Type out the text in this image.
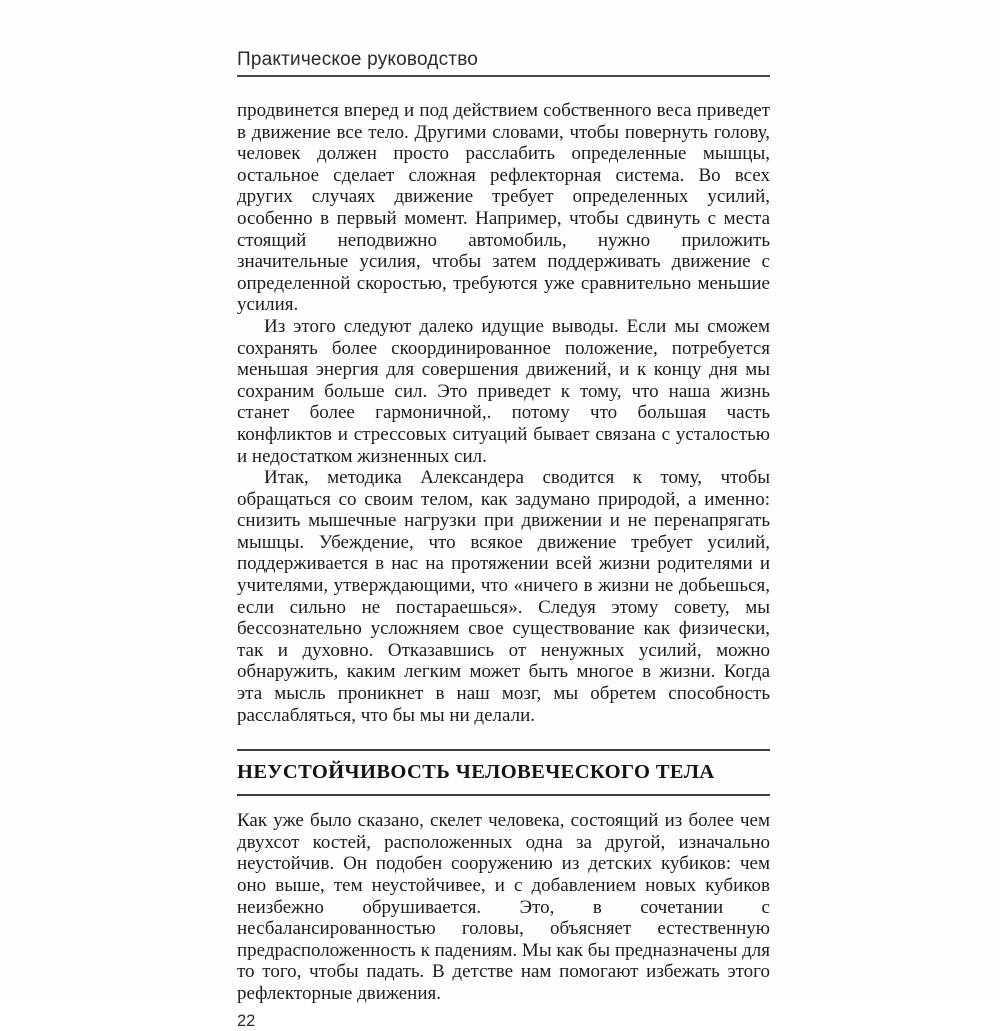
Практическое руководство

продвинется вперед и под действием собственного веса приведет в движение все тело. Другими словами, чтобы повернуть голову, человек должен просто расслабить определенные мышцы, остальное сделает сложная рефлекторная система. Во всех других случаях движение требует определенных усилий, особенно в первый момент. Например, чтобы сдвинуть с места стоящий неподвижно автомобиль, нужно приложить значительные усилия, чтобы затем поддерживать движение с определенной скоростью, требуются уже сравнительно меньшие усилия.

Из этого следуют далеко идущие выводы. Если мы сможем сохранять более скоординированное положение, потребуется меньшая энергия для совершения движений, и к концу дня мы сохраним больше сил. Это приведет к тому, что наша жизнь станет более гармоничной,. потому что большая часть конфликтов и стрессовых ситуаций бывает связана с усталостью и недостатком жизненных сил.

Итак, методика Александера сводится к тому, чтобы обращаться со своим телом, как задумано природой, а именно: снизить мышечные нагрузки при движении и не перенапрягать мышцы. Убеждение, что всякое движение требует усилий, поддерживается в нас на протяжении всей жизни родителями и учителями, утверждающими, что «ничего в жизни не добьешься, если сильно не постараешься». Следуя этому совету, мы бессознательно усложняем свое существование как физически, так и духовно. Отказавшись от ненужных усилий, можно обнаружить, каким легким может быть многое в жизни. Когда эта мысль проникнет в наш мозг, мы обретем способность расслабляться, что бы мы ни делали.

НЕУСТОЙЧИВОСТЬ ЧЕЛОВЕЧЕСКОГО ТЕЛА

Как уже было сказано, скелет человека, состоящий из более чем двухсот костей, расположенных одна за другой, изначально неустойчив. Он подобен сооружению из детских кубиков: чем оно выше, тем неустойчивее, и с добавлением новых кубиков неизбежно обрушивается. Это, в сочетании с несбалансированностью головы, объясняет естественную предрасположенность к падениям. Мы как бы предназначены для то того, чтобы падать. В детстве нам помогают избежать этого рефлекторные движения.

22
